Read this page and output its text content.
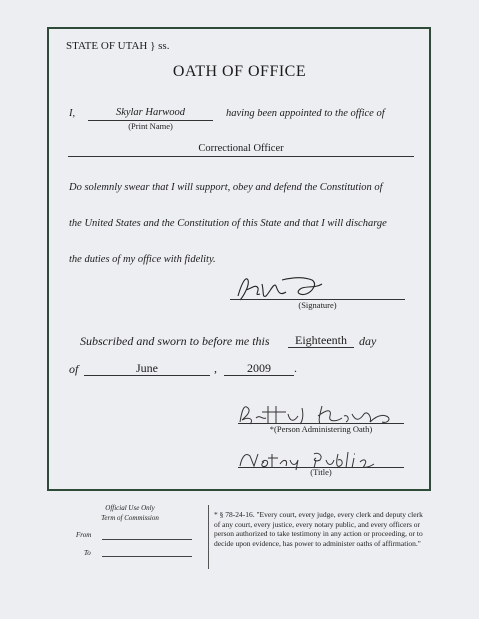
STATE OF UTAH } ss.
OATH OF OFFICE
I,	Skylar Harwood
(Print Name)
having been appointed to the office of
Correctional Officer
Do solemnly swear that I will support, obey and defend the Constitution of
the United States and the Constitution of this State and that I will discharge
the duties of my office with fidelity.
(Signature)
Subscribed and sworn to before me this	Eighteenth	day
of	June	,	2009	.
*(Person Administering Oath)
(Title)
Official Use Only
Term of Commission
From
To
* § 78-24-16. "Every court, every judge, every clerk and deputy clerk of any court, every justice, every notary public, and every officers or person authorized to take testimony in any action or proceeding, or to decide upon evidence, has power to administer oaths of affirmation."
